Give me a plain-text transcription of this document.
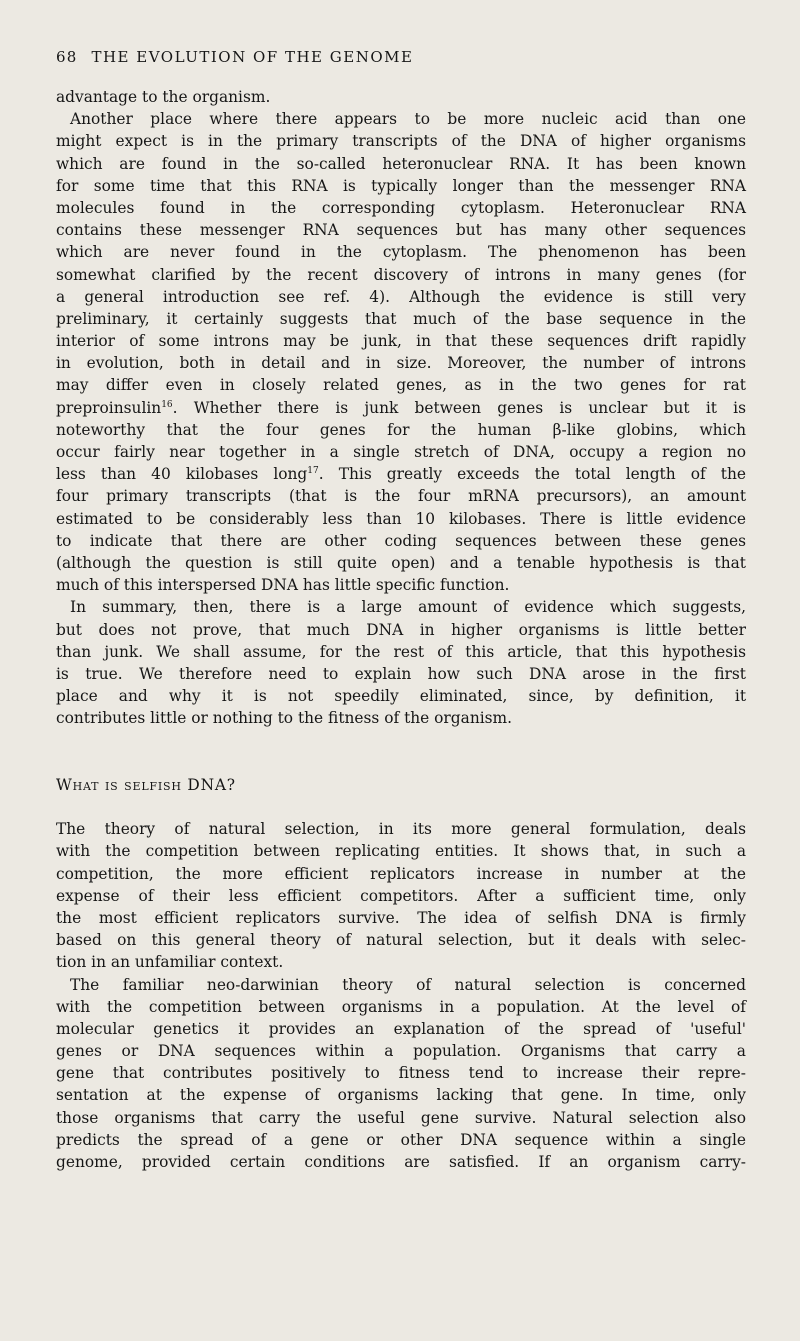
68 THE EVOLUTION OF THE GENOME
advantage to the organism.
Another place where there appears to be more nucleic acid than one
might expect is in the primary transcripts of the DNA of higher organisms
which are found in the so-called heteronuclear RNA. It has been known
for some time that this RNA is typically longer than the messenger RNA
molecules found in the corresponding cytoplasm. Heteronuclear RNA
contains these messenger RNA sequences but has many other sequences
which are never found in the cytoplasm. The phenomenon has been
somewhat clarified by the recent discovery of introns in many genes (for
a general introduction see ref. 4). Although the evidence is still very
preliminary, it certainly suggests that much of the base sequence in the
interior of some introns may be junk, in that these sequences drift rapidly
in evolution, both in detail and in size. Moreover, the number of introns
may differ even in closely related genes, as in the two genes for rat
preproinsulin$^{16}$. Whether there is junk between genes is unclear but it is
noteworthy that the four genes for the human β-like globins, which
occur fairly near together in a single stretch of DNA, occupy a region no
less than 40 kilobases long$^{17}$. This greatly exceeds the total length of the
four primary transcripts (that is the four mRNA precursors), an amount
estimated to be considerably less than 10 kilobases. There is little evidence
to indicate that there are other coding sequences between these genes
(although the question is still quite open) and a tenable hypothesis is that
much of this interspersed DNA has little specific function.
In summary, then, there is a large amount of evidence which suggests,
but does not prove, that much DNA in higher organisms is little better
than junk. We shall assume, for the rest of this article, that this hypothesis
is true. We therefore need to explain how such DNA arose in the first
place and why it is not speedily eliminated, since, by definition, it
contributes little or nothing to the fitness of the organism.
What is selfish DNA?
The theory of natural selection, in its more general formulation, deals
with the competition between replicating entities. It shows that, in such a
competition, the more efficient replicators increase in number at the
expense of their less efficient competitors. After a sufficient time, only
the most efficient replicators survive. The idea of selfish DNA is firmly
based on this general theory of natural selection, but it deals with selec-
tion in an unfamiliar context.
The familiar neo-darwinian theory of natural selection is concerned
with the competition between organisms in a population. At the level of
molecular genetics it provides an explanation of the spread of 'useful'
genes or DNA sequences within a population. Organisms that carry a
gene that contributes positively to fitness tend to increase their repre-
sentation at the expense of organisms lacking that gene. In time, only
those organisms that carry the useful gene survive. Natural selection also
predicts the spread of a gene or other DNA sequence within a single
genome, provided certain conditions are satisfied. If an organism carry-
